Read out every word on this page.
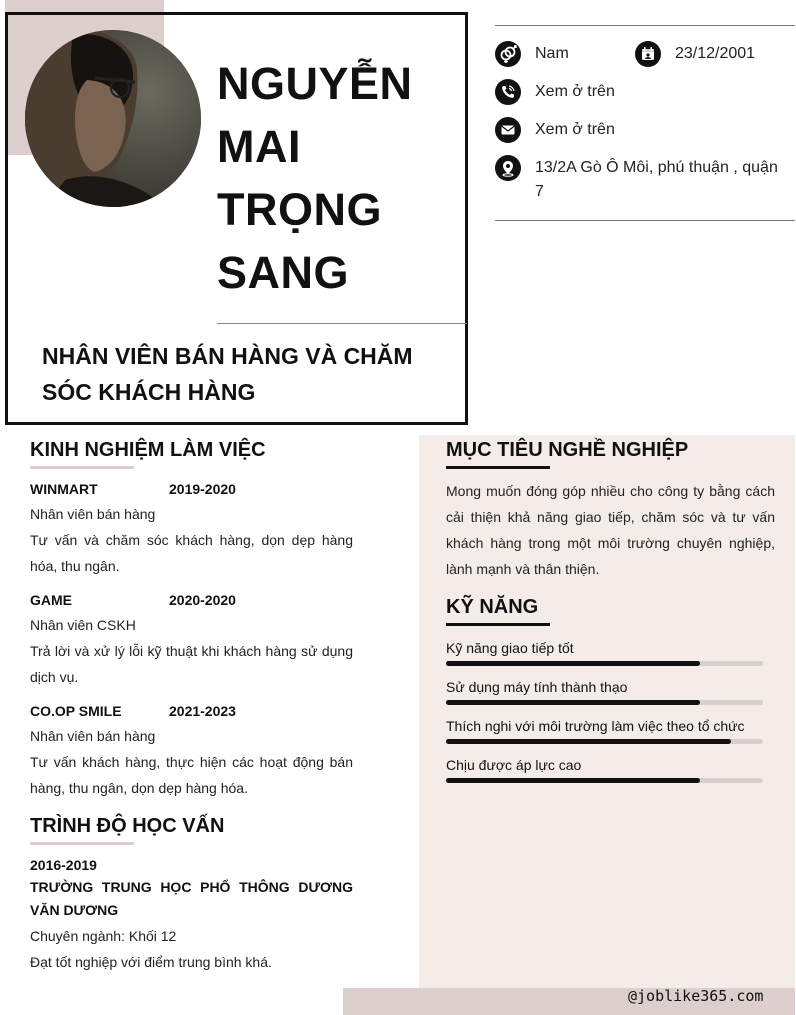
NGUYỄN MAI TRỌNG SANG
NHÂN VIÊN BÁN HÀNG VÀ CHĂM SÓC KHÁCH HÀNG
Nam	23/12/2001
Xem ở trên
Xem ở trên
13/2A Gò Ô Môi, phú thuận , quận 7
KINH NGHIỆM LÀM VIỆC
WINMART	2019-2020
Nhân viên bán hàng
Tư vấn và chăm sóc khách hàng, dọn dẹp hàng hóa, thu ngân.
GAME	2020-2020
Nhân viên CSKH
Trả lời và xử lý lỗi kỹ thuật khi khách hàng sử dụng dịch vụ.
CO.OP SMILE	2021-2023
Nhân viên bán hàng
Tư vấn khách hàng, thực hiện các hoạt động bán hàng, thu ngân, dọn dẹp hàng hóa.
TRÌNH ĐỘ HỌC VẤN
2016-2019
TRƯỜNG TRUNG HỌC PHỔ THÔNG DƯƠNG VĂN DƯƠNG
Chuyên ngành: Khối 12
Đạt tốt nghiệp với điểm trung bình khá.
MỤC TIÊU NGHỀ NGHIỆP
Mong muốn đóng góp nhiều cho công ty bằng cách cải thiện khả năng giao tiếp, chăm sóc và tư vấn khách hàng trong một môi trường chuyên nghiệp, lành mạnh và thân thiện.
KỸ NĂNG
Kỹ năng giao tiếp tốt
Sử dụng máy tính thành thạo
Thích nghi với môi trường làm việc theo tổ chức
Chịu được áp lực cao
@joblike365.com
